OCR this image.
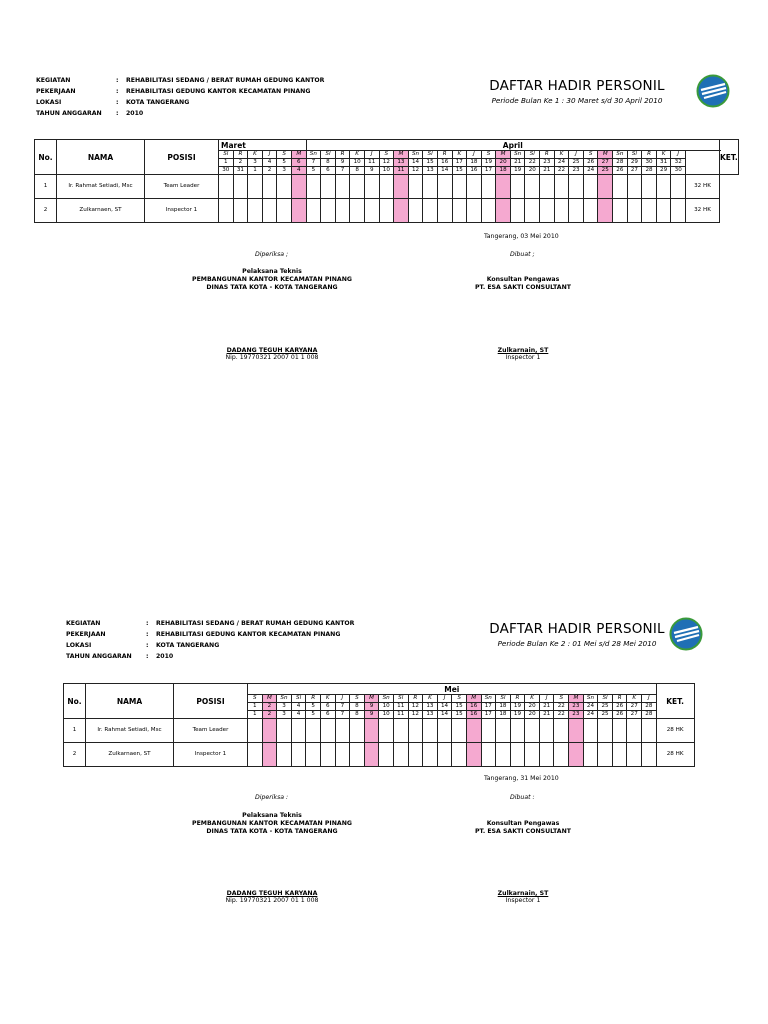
KEGIATAN	:	REHABILITASI SEDANG / BERAT RUMAH GEDUNG KANTOR
PEKERJAAN	:	REHABILITASI GEDUNG KANTOR KECAMATAN PINANG
LOKASI	:	KOTA TANGERANG
TAHUN ANGGARAN	:	2010
DAFTAR HADIR PERSONIL
Periode Bulan Ke 1 : 30 Maret s/d 30 April 2010
No.	NAMA	POSISI	Maret						April																											KET.
			Sl	R	K	J	S	M	Sn	Sl	R	K	J	S	M	Sn	Sl	R	K	J	S	M	Sn	Sl	R	K	J	S	M	Sn	Sl	R	K	J		
			1	2	3	4	5	6	7	8	9	10	11	12	13	14	15	16	17	18	19	20	21	22	23	24	25	26	27	28	29	30	31	32		
			30	31	1	2	3	4	5	6	7	8	9	10	11	12	13	14	15	16	17	18	19	20	21	22	23	24	25	26	27	28	29	30		
1	Ir. Rahmat Setiadi, Msc	Team Leader																																	32 HK	
2	Zulkarnaen, ST	Inspector 1																																	32 HK	
Tangerang, 03 Mei 2010
Diperiksa ;	Dibuat ;
Pelaksana Teknis
PEMBANGUNAN KANTOR KECAMATAN PINANG
DINAS TATA KOTA - KOTA TANGERANG
Konsultan Pengawas
PT. ESA SAKTI CONSULTANT
DADANG TEGUH KARYANA
Nip. 19770321 2007 01 1 008
Zulkarnain, ST
Inspector 1
KEGIATAN	:	REHABILITASI SEDANG / BERAT RUMAH GEDUNG KANTOR
PEKERJAAN	:	REHABILITASI GEDUNG KANTOR KECAMATAN PINANG
LOKASI	:	KOTA TANGERANG
TAHUN ANGGARAN	:	2010
DAFTAR HADIR PERSONIL
Periode Bulan Ke 2 : 01 Mei s/d 28 Mei 2010
No.	NAMA	POSISI	Mei																												KET.
			S	M	Sn	Sl	R	K	J	S	M	Sn	Sl	R	K	J	S	M	Sn	Sl	R	K	J	S	M	Sn	Sl	R	K	J	
			1	2	3	4	5	6	7	8	9	10	11	12	13	14	15	16	17	18	19	20	21	22	23	24	25	26	27	28	
			1	2	3	4	5	6	7	8	9	10	11	12	13	14	15	16	17	18	19	20	21	22	23	24	25	26	27	28	
1	Ir. Rahmat Setiadi, Msc	Team Leader																													28 HK
2	Zulkarnaen, ST	Inspector 1																													28 HK
Tangerang, 31 Mei 2010
Diperiksa :	Dibuat :
Pelaksana Teknis
PEMBANGUNAN KANTOR KECAMATAN PINANG
DINAS TATA KOTA - KOTA TANGERANG
Konsultan Pengawas
PT. ESA SAKTI CONSULTANT
DADANG TEGUH KARYANA
Nip. 19770321 2007 01 1 008
Zulkarnain, ST
Inspector 1
